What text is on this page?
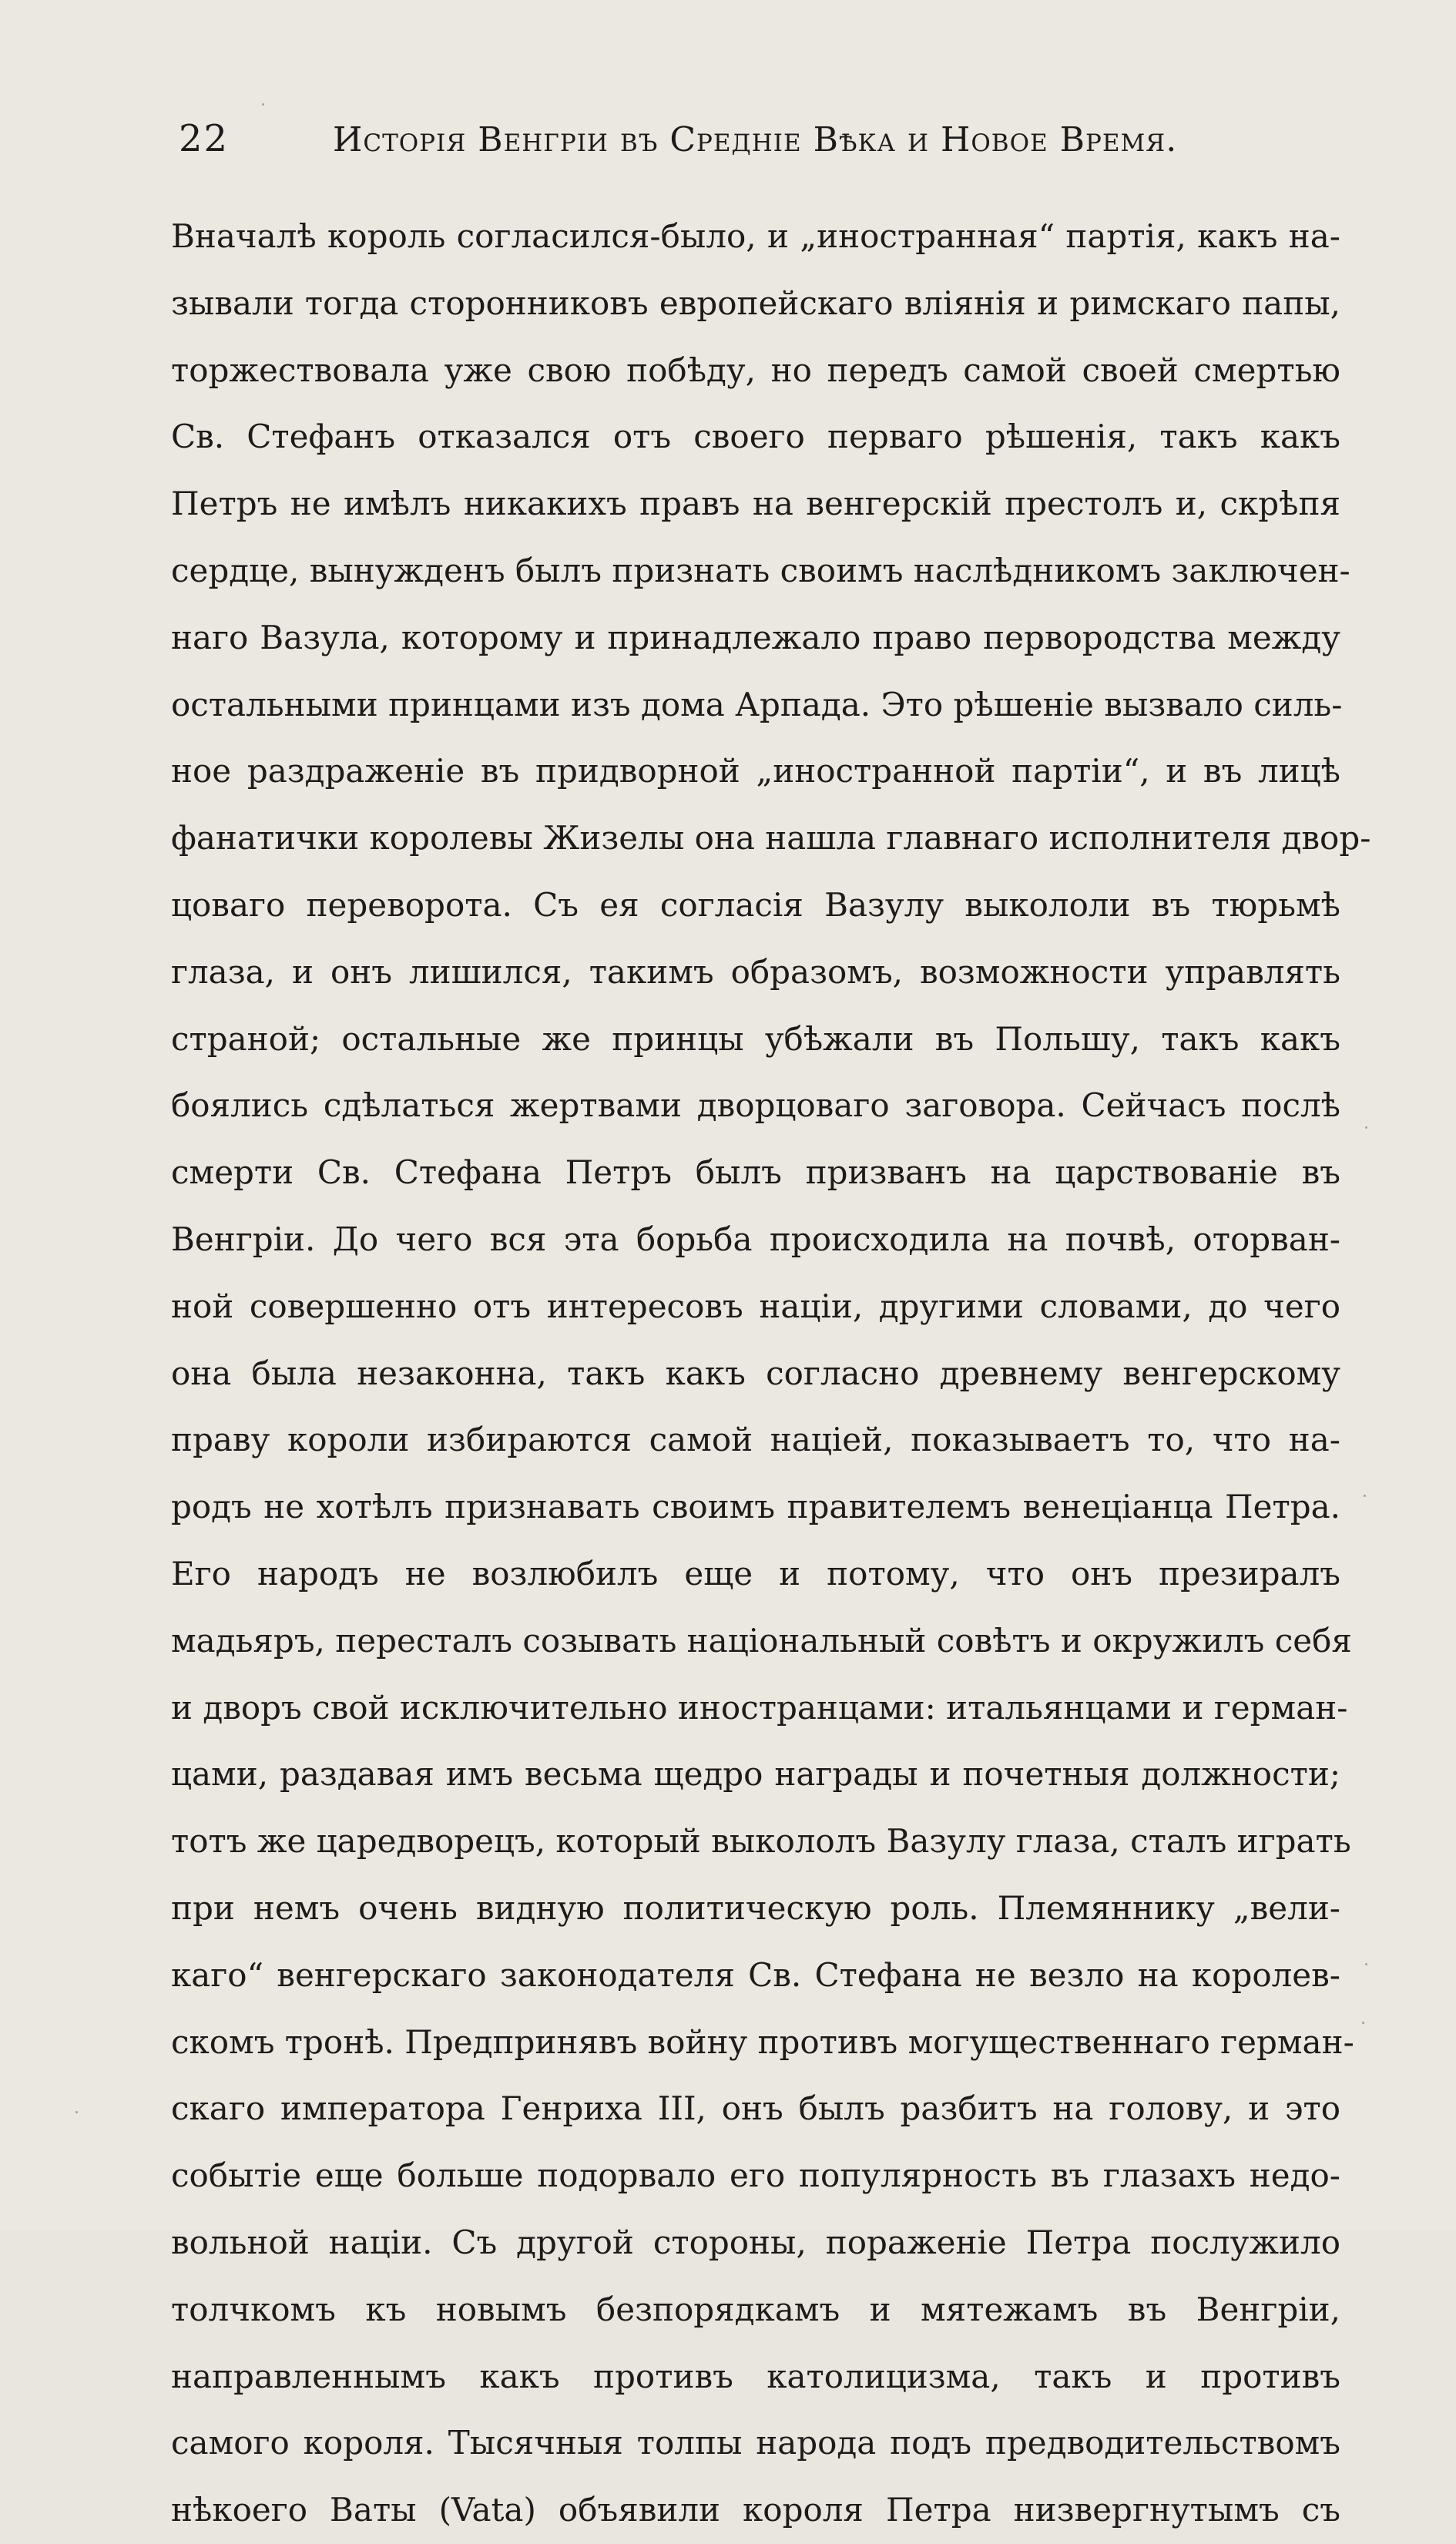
22	Исторія Венгріи въ Средніе Вѣка и Новое Время.
Вначалѣ король согласился-было, и „иностранная“ партія, какъ на-
зывали тогда сторонниковъ европейскаго вліянія и римскаго папы,
торжествовала уже свою побѣду, но передъ самой своей смертью
Св. Стефанъ отказался отъ своего перваго рѣшенія, такъ какъ
Петръ не имѣлъ никакихъ правъ на венгерскій престолъ и, скрѣпя
сердце, вынужденъ былъ признать своимъ наслѣдникомъ заключен-
наго Вазула, которому и принадлежало право первородства между
остальными принцами изъ дома Арпада. Это рѣшеніе вызвало силь-
ное раздраженіе въ придворной „иностранной партіи“, и въ лицѣ
фанатички королевы Жизелы она нашла главнаго исполнителя двор-
цоваго переворота. Съ ея согласія Вазулу выкололи въ тюрьмѣ
глаза, и онъ лишился, такимъ образомъ, возможности управлять
страной; остальные же принцы убѣжали въ Польшу, такъ какъ
боялись сдѣлаться жертвами дворцоваго заговора. Сейчасъ послѣ
смерти Св. Стефана Петръ былъ призванъ на царствованіе въ
Венгріи. До чего вся эта борьба происходила на почвѣ, оторван-
ной совершенно отъ интересовъ націи, другими словами, до чего
она была незаконна, такъ какъ согласно древнему венгерскому
праву короли избираются самой націей, показываетъ то, что на-
родъ не хотѣлъ признавать своимъ правителемъ венеціанца Петра.
Его народъ не возлюбилъ еще и потому, что онъ презиралъ
мадьяръ, пересталъ созывать національный совѣтъ и окружилъ себя
и дворъ свой исключительно иностранцами: итальянцами и герман-
цами, раздавая имъ весьма щедро награды и почетныя должности;
тотъ же царедворецъ, который выкололъ Вазулу глаза, сталъ играть
при немъ очень видную политическую роль. Племяннику „вели-
каго“ венгерскаго законодателя Св. Стефана не везло на королев-
скомъ тронѣ. Предпринявъ войну противъ могущественнаго герман-
скаго императора Генриха III, онъ былъ разбитъ на голову, и это
событіе еще больше подорвало его популярность въ глазахъ недо-
вольной націи. Съ другой стороны, пораженіе Петра послужило
толчкомъ къ новымъ безпорядкамъ и мятежамъ въ Венгріи,
направленнымъ какъ противъ католицизма, такъ и противъ
самого короля. Тысячныя толпы народа подъ предводительствомъ
нѣкоего Ваты (Vata) объявили короля Петра низвергнутымъ съ
